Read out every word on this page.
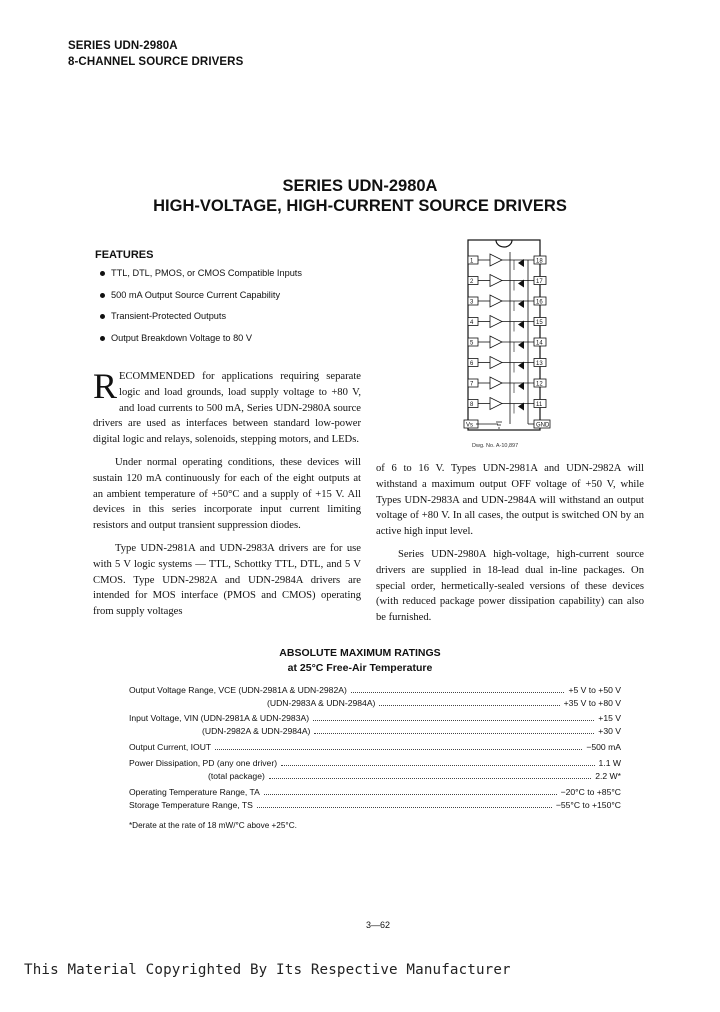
SERIES UDN-2980A
8-CHANNEL SOURCE DRIVERS
SERIES UDN-2980A
HIGH-VOLTAGE, HIGH-CURRENT SOURCE DRIVERS
FEATURES
TTL, DTL, PMOS, or CMOS Compatible Inputs
500 mA Output Source Current Capability
Transient-Protected Outputs
Output Breakdown Voltage to 80 V
1
2
3
4
5
6
7
8
Vs
18
17
16
15
14
13
12
11
GND
Dwg. No. A-10,897

RECOMMENDED for applications requiring separate logic and load grounds, load supply voltage to +80 V, and load currents to 500 mA, Series UDN-2980A source drivers are used as interfaces between standard low-power digital logic and relays, solenoids, stepping motors, and LEDs.

Under normal operating conditions, these devices will sustain 120 mA continuously for each of the eight outputs at an ambient temperature of +50°C and a supply of +15 V. All devices in this series incorporate input current limiting resistors and output transient suppression diodes.

Type UDN-2981A and UDN-2983A drivers are for use with 5 V logic systems — TTL, Schottky TTL, DTL, and 5 V CMOS. Type UDN-2982A and UDN-2984A drivers are intended for MOS interface (PMOS and CMOS) operating from supply voltages

of 6 to 16 V. Types UDN-2981A and UDN-2982A will withstand a maximum output OFF voltage of +50 V, while Types UDN-2983A and UDN-2984A will withstand an output voltage of +80 V. In all cases, the output is switched ON by an active high input level.

Series UDN-2980A high-voltage, high-current source drivers are supplied in 18-lead dual in-line packages. On special order, hermetically-sealed versions of these devices (with reduced package power dissipation capability) can also be furnished.

ABSOLUTE MAXIMUM RATINGS
at 25°C Free-Air Temperature
Output Voltage Range, VCE (UDN-2981A & UDN-2982A)	+5 V to +50 V
(UDN-2983A & UDN-2984A)	+35 V to +80 V
Input Voltage, VIN (UDN-2981A & UDN-2983A)	+15 V
(UDN-2982A & UDN-2984A)	+30 V
Output Current, IOUT	−500 mA
Power Dissipation, PD (any one driver)	1.1 W
(total package)	2.2 W*
Operating Temperature Range, TA	−20°C to +85°C
Storage Temperature Range, TS	−55°C to +150°C
*Derate at the rate of 18 mW/°C above +25°C.
3—62
This Material Copyrighted By Its Respective Manufacturer
